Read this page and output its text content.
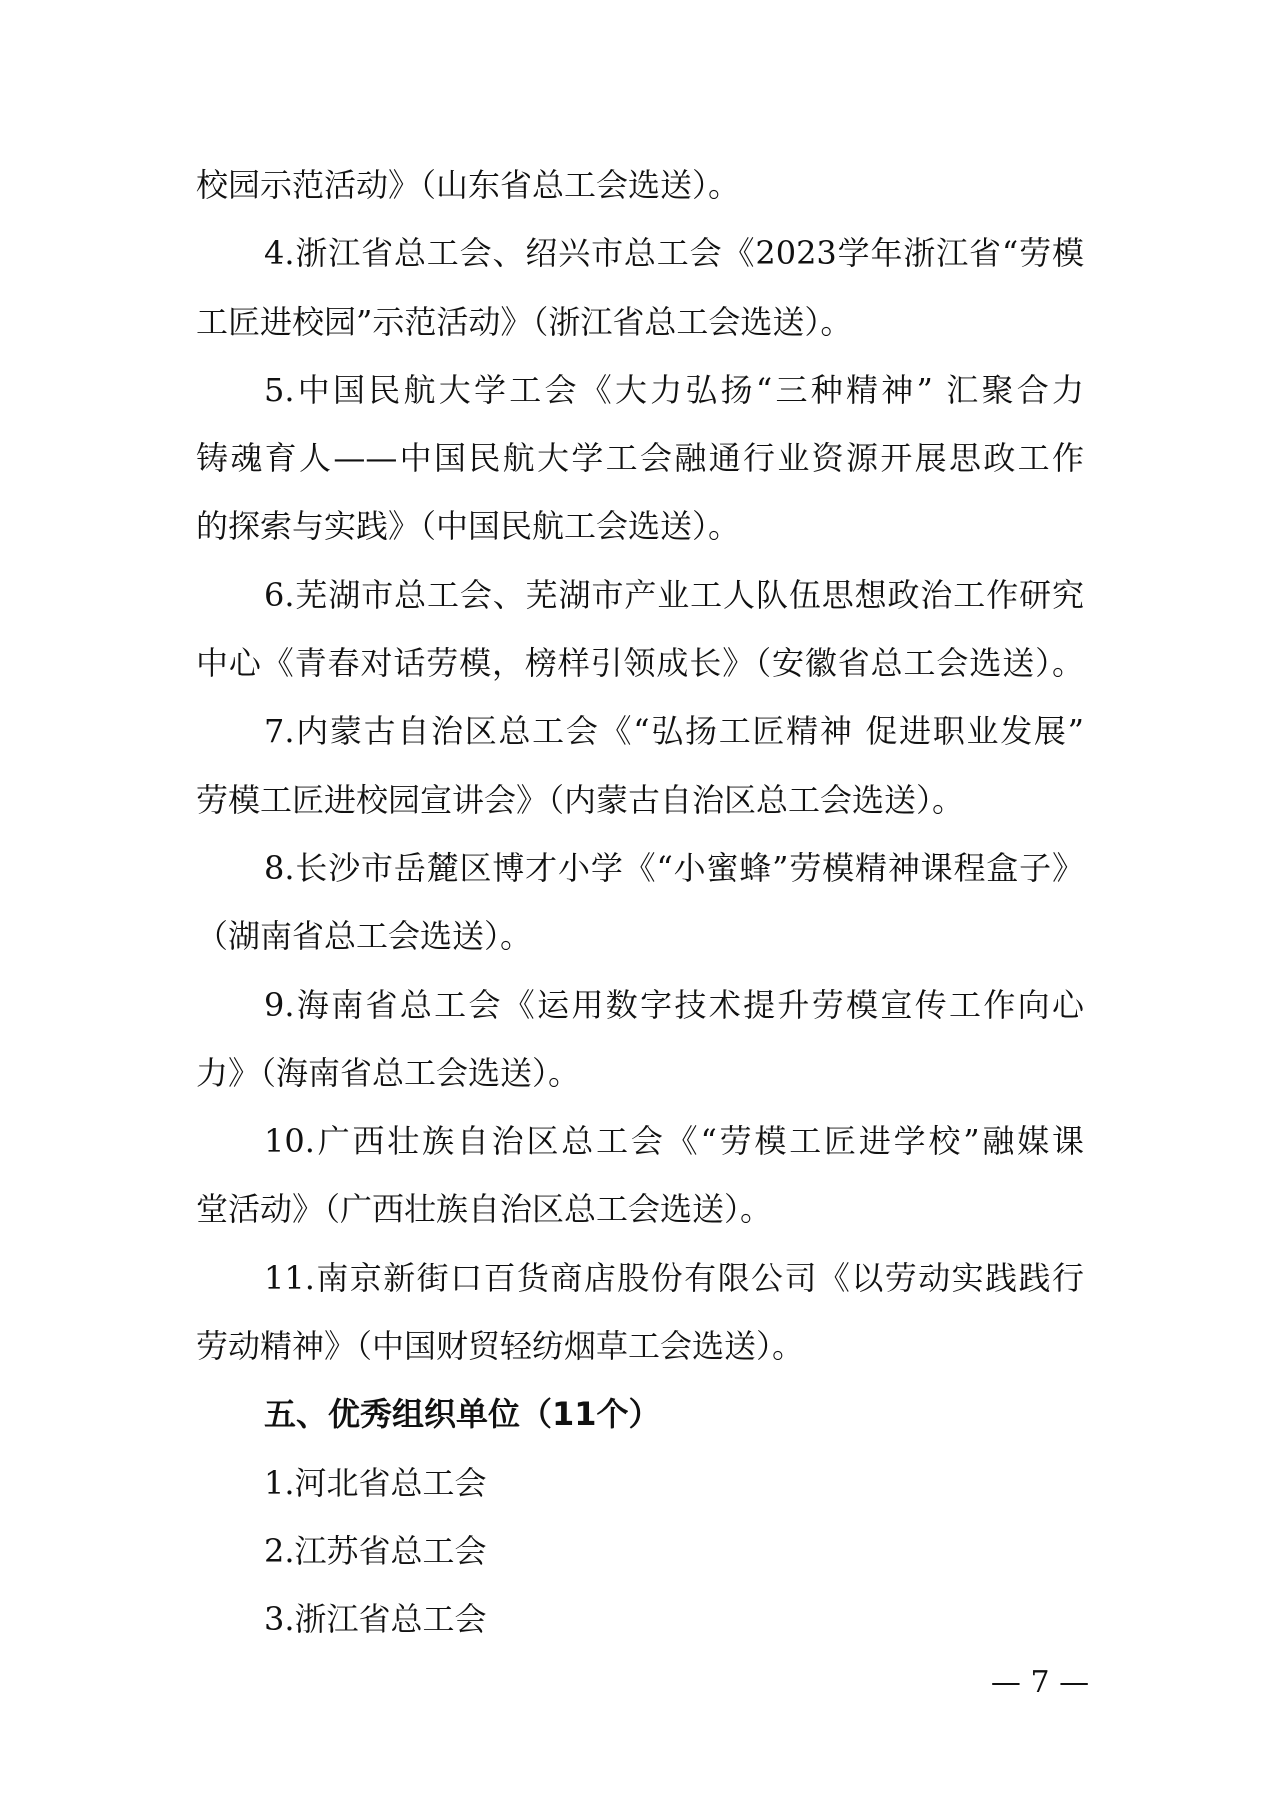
校园示范活动》（山东省总工会选送）。
4.浙江省总工会、绍兴市总工会《2023学年浙江省“劳模
工匠进校园”示范活动》（浙江省总工会选送）。
5.中国民航大学工会《大力弘扬“三种精神” 汇聚合力
铸魂育人——中国民航大学工会融通行业资源开展思政工作
的探索与实践》（中国民航工会选送）。
6.芜湖市总工会、芜湖市产业工人队伍思想政治工作研究
中心《青春对话劳模，榜样引领成长》（安徽省总工会选送）。
7.内蒙古自治区总工会《“弘扬工匠精神 促进职业发展”
劳模工匠进校园宣讲会》（内蒙古自治区总工会选送）。
8.长沙市岳麓区博才小学《“小蜜蜂”劳模精神课程盒子》
（湖南省总工会选送）。
9.海南省总工会《运用数字技术提升劳模宣传工作向心
力》（海南省总工会选送）。
10.广西壮族自治区总工会《“劳模工匠进学校”融媒课
堂活动》（广西壮族自治区总工会选送）。
11.南京新街口百货商店股份有限公司《以劳动实践践行
劳动精神》（中国财贸轻纺烟草工会选送）。
五、优秀组织单位（11个）
1.河北省总工会
2.江苏省总工会
3.浙江省总工会
— 7 —
